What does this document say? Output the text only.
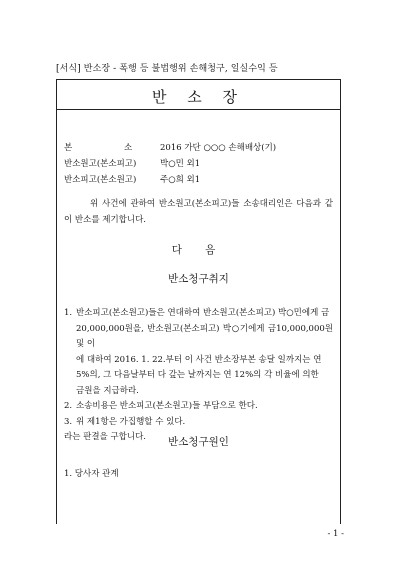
[서식] 반소장 - 폭행 등 불법행위 손해청구, 일실수익 등
반 소 장
본	소	2016 가단 ○○○ 손해배상(기)
반소원고(본소피고)	박○민 외1
반소피고(본소원고)	주○희 외1
위 사건에 관하여 반소원고(본소피고)들 소송대리인은 다음과 같
이 반소를 제기합니다.
다 음
반소청구취지
1. 반소피고(본소원고)들은 연대하여 반소원고(본소피고) 박○민에게 금
20,000,000원을, 반소원고(본소피고) 박○기에게 금10,000,000원 및 이
에 대하여 2016. 1. 22.부터 이 사건 반소장부본 송달 일까지는 연
5%의, 그 다음날부터 다 갚는 날까지는 연 12%의 각 비율에 의한
금원을 지급하라.
2. 소송비용은 반소피고(본소원고)들 부담으로 한다.
3. 위 제1항은 가집행할 수 있다.
라는 판결을 구합니다.	반소청구원인
1. 당사자 관계
- 1 -
